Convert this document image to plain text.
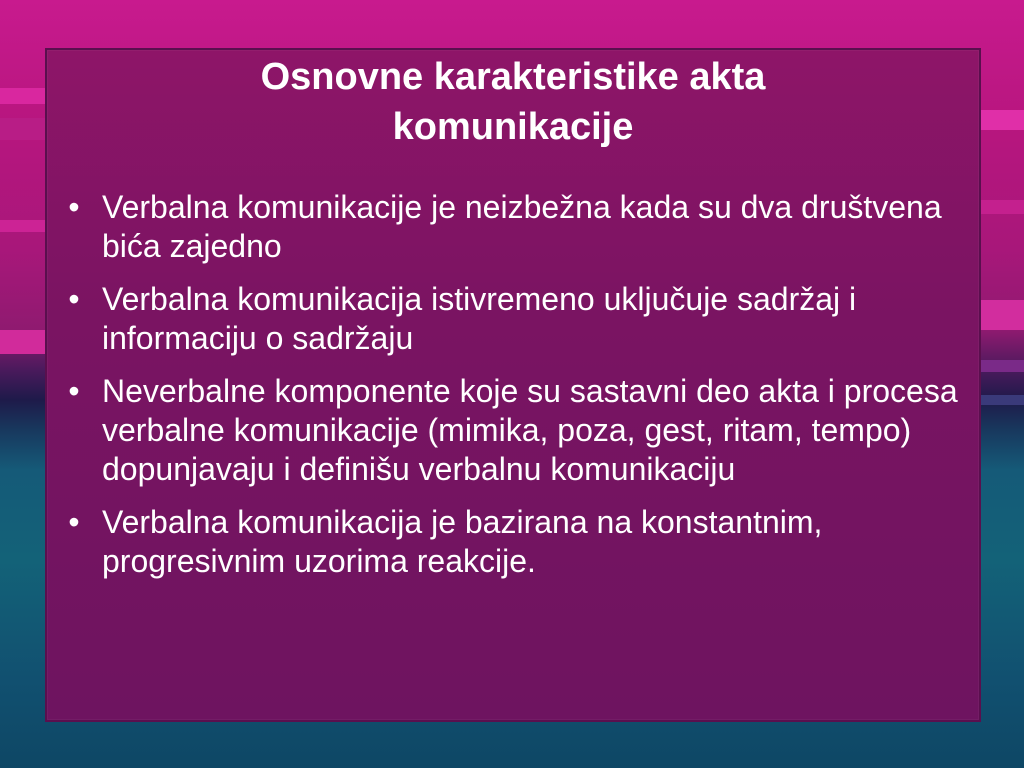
Osnovne karakteristike akta
komunikacije
• Verbalna komunikacije je neizbežna kada su dva društvena bića zajedno
• Verbalna komunikacija istivremeno uključuje sadržaj i informaciju o sadržaju
• Neverbalne komponente koje su sastavni deo akta i procesa verbalne komunikacije (mimika, poza, gest, ritam, tempo) dopunjavaju i definišu verbalnu komunikaciju
• Verbalna komunikacija je bazirana na konstantnim, progresivnim uzorima reakcije.
